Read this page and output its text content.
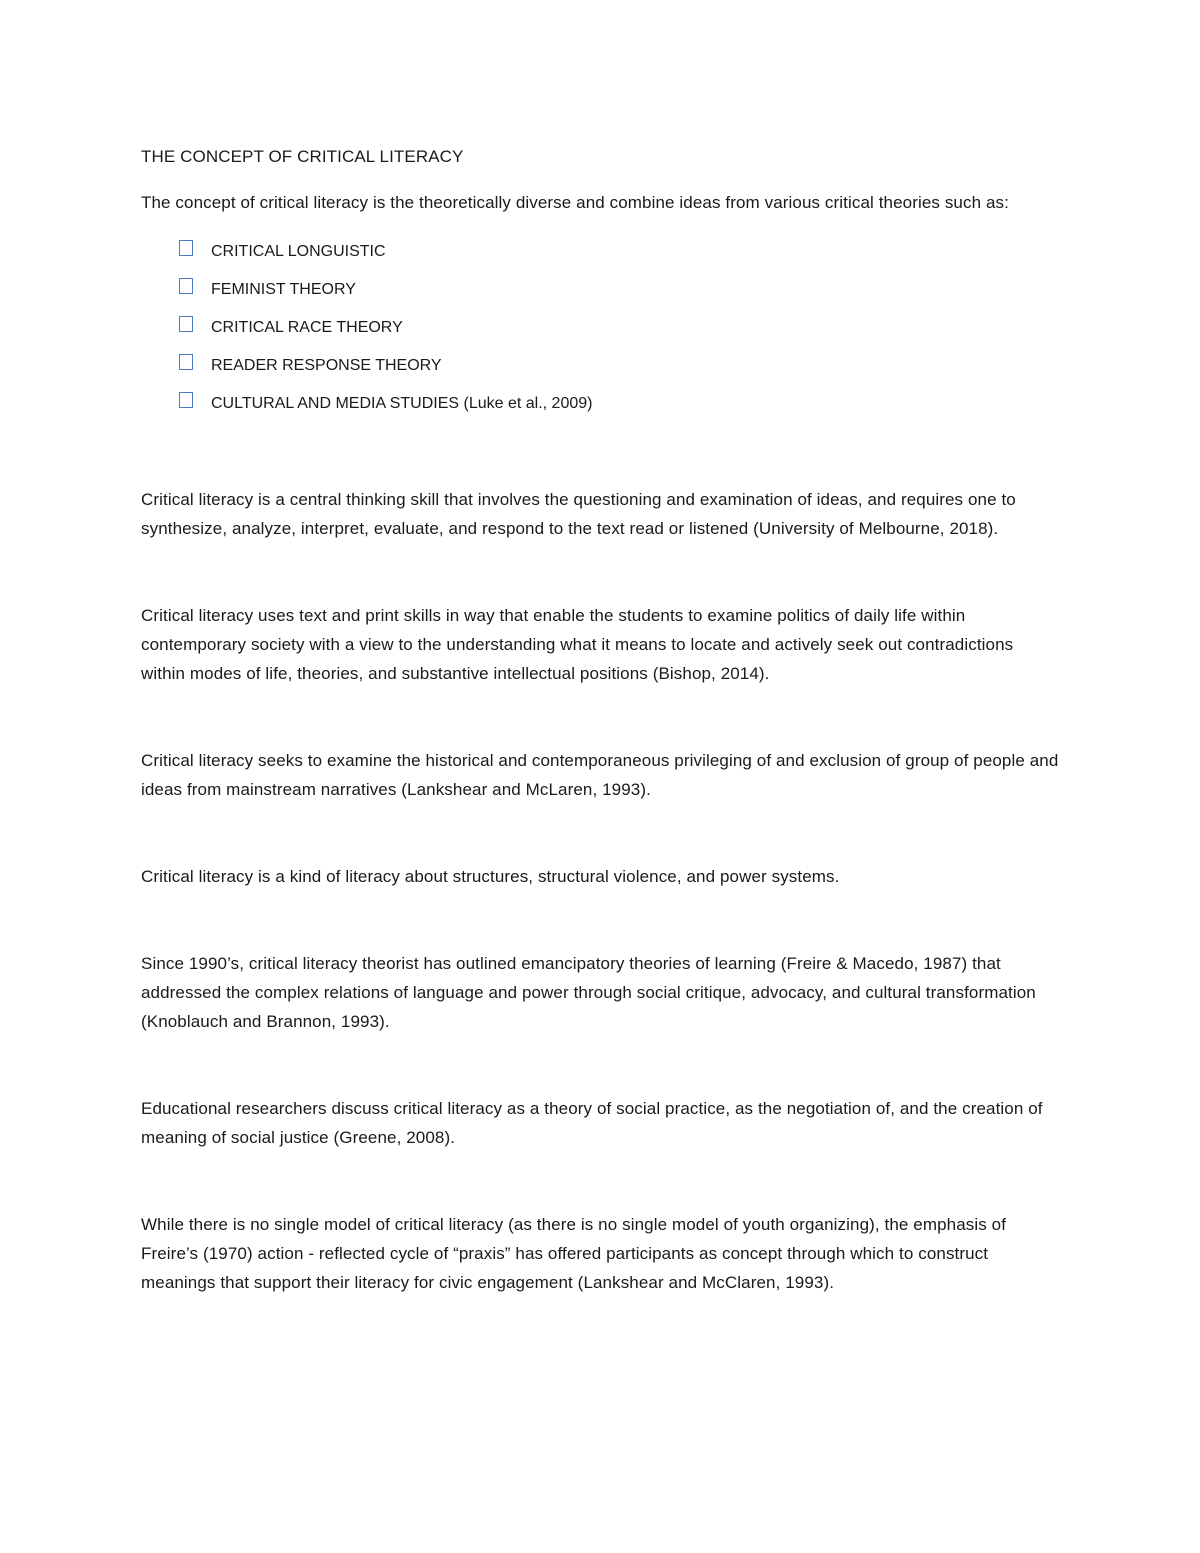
THE CONCEPT OF CRITICAL LITERACY

The concept of critical literacy is the theoretically diverse and combine ideas from various critical theories such as:

CRITICAL LONGUISTIC
FEMINIST THEORY
CRITICAL RACE THEORY
READER RESPONSE THEORY
CULTURAL AND MEDIA STUDIES (Luke et al., 2009)

Critical literacy is a central thinking skill that involves the questioning and examination of ideas, and requires one to synthesize, analyze, interpret, evaluate, and respond to the text read or listened (University of Melbourne, 2018).

Critical literacy uses text and print skills in way that enable the students to examine politics of daily life within contemporary society with a view to the understanding what it means to locate and actively seek out contradictions within modes of life, theories, and substantive intellectual positions (Bishop, 2014).

Critical literacy seeks to examine the historical and contemporaneous privileging of and exclusion of group of people and ideas from mainstream narratives (Lankshear and McLaren, 1993).

Critical literacy is a kind of literacy about structures, structural violence, and power systems.

Since 1990’s, critical literacy theorist has outlined emancipatory theories of learning (Freire & Macedo, 1987) that addressed the complex relations of language and power through social critique, advocacy, and cultural transformation (Knoblauch and Brannon, 1993).

Educational researchers discuss critical literacy as a theory of social practice, as the negotiation of, and the creation of meaning of social justice (Greene, 2008).

While there is no single model of critical literacy (as there is no single model of youth organizing), the emphasis of Freire’s (1970) action - reflected cycle of “praxis” has offered participants as concept through which to construct meanings that support their literacy for civic engagement (Lankshear and McClaren, 1993).
